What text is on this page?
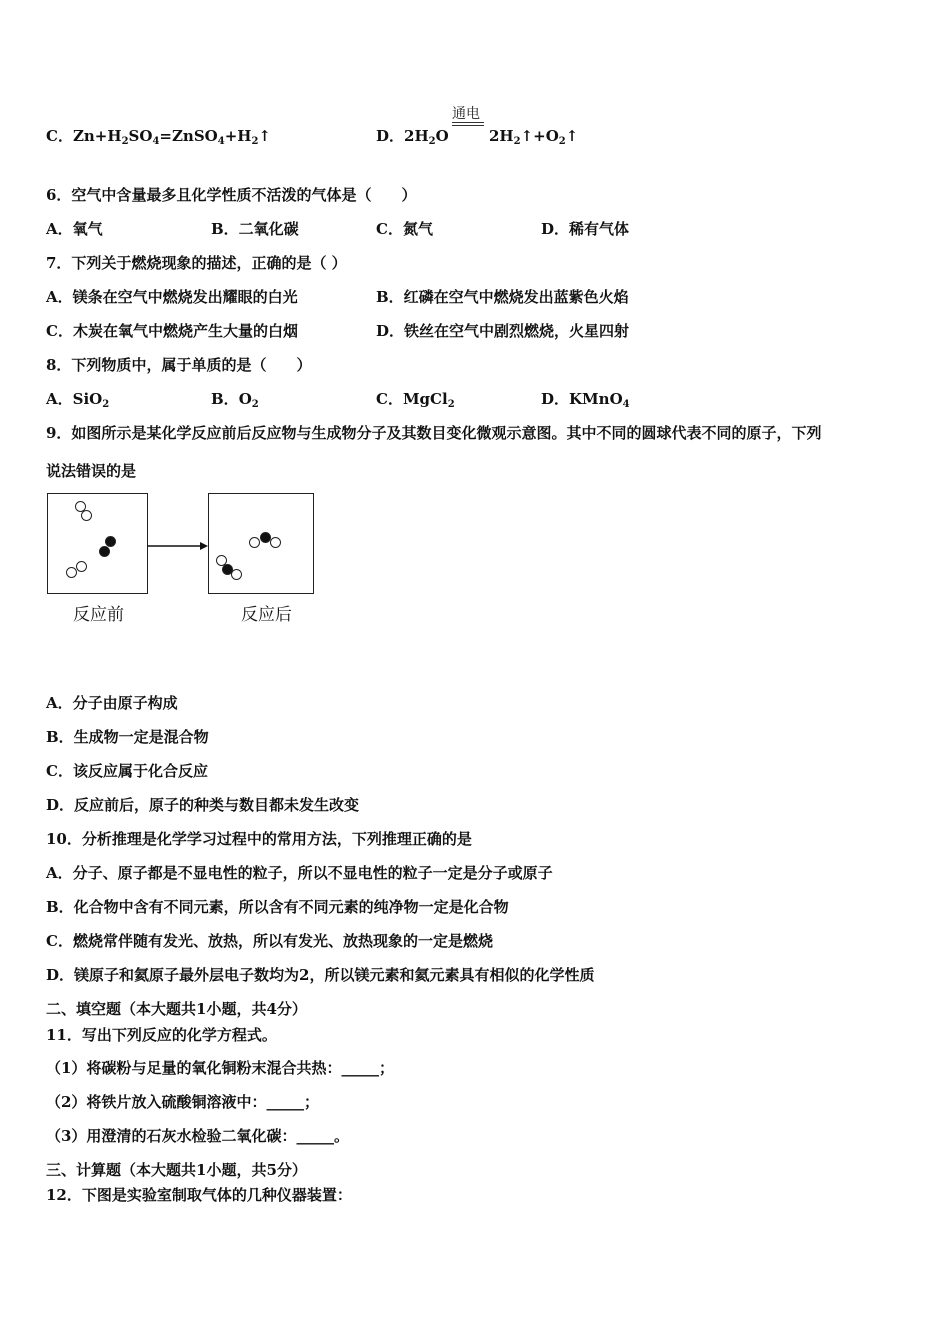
C．$Zn+H_2SO_4=ZnSO_4+H_2↑$	D．$2H_2O$
通电
$2H_2↑+O_2↑$
6．空气中含量最多且化学性质不活泼的气体是（　　）
A．氧气	B．二氧化碳	C．氮气	D．稀有气体
7．下列关于燃烧现象的描述，正确的是（ ）
A．镁条在空气中燃烧发出耀眼的白光	B．红磷在空气中燃烧发出蓝紫色火焰
C．木炭在氧气中燃烧产生大量的白烟	D．铁丝在空气中剧烈燃烧，火星四射
8．下列物质中，属于单质的是（　　）
A．SiO$_2$	B．$O_2$	C．MgCl$_2$	D．KMnO$_4$
9．如图所示是某化学反应前后反应物与生成物分子及其数目变化微观示意图。其中不同的圆球代表不同的原子，下列
说法错误的是
反应前	反应后
A．分子由原子构成
B．生成物一定是混合物
C．该反应属于化合反应
D．反应前后，原子的种类与数目都未发生改变
10．分析推理是化学学习过程中的常用方法，下列推理正确的是
A．分子、原子都是不显电性的粒子，所以不显电性的粒子一定是分子或原子
B．化合物中含有不同元素，所以含有不同元素的纯净物一定是化合物
C．燃烧常伴随有发光、放热，所以有发光、放热现象的一定是燃烧
D．镁原子和氦原子最外层电子数均为2，所以镁元素和氦元素具有相似的化学性质
二、填空题（本大题共1小题，共4分）
11．写出下列反应的化学方程式。
（1）将碳粉与足量的氧化铜粉末混合共热：_____；
（2）将铁片放入硫酸铜溶液中：_____；
（3）用澄清的石灰水检验二氧化碳：_____。
三、计算题（本大题共1小题，共5分）
12．下图是实验室制取气体的几种仪器装置：
